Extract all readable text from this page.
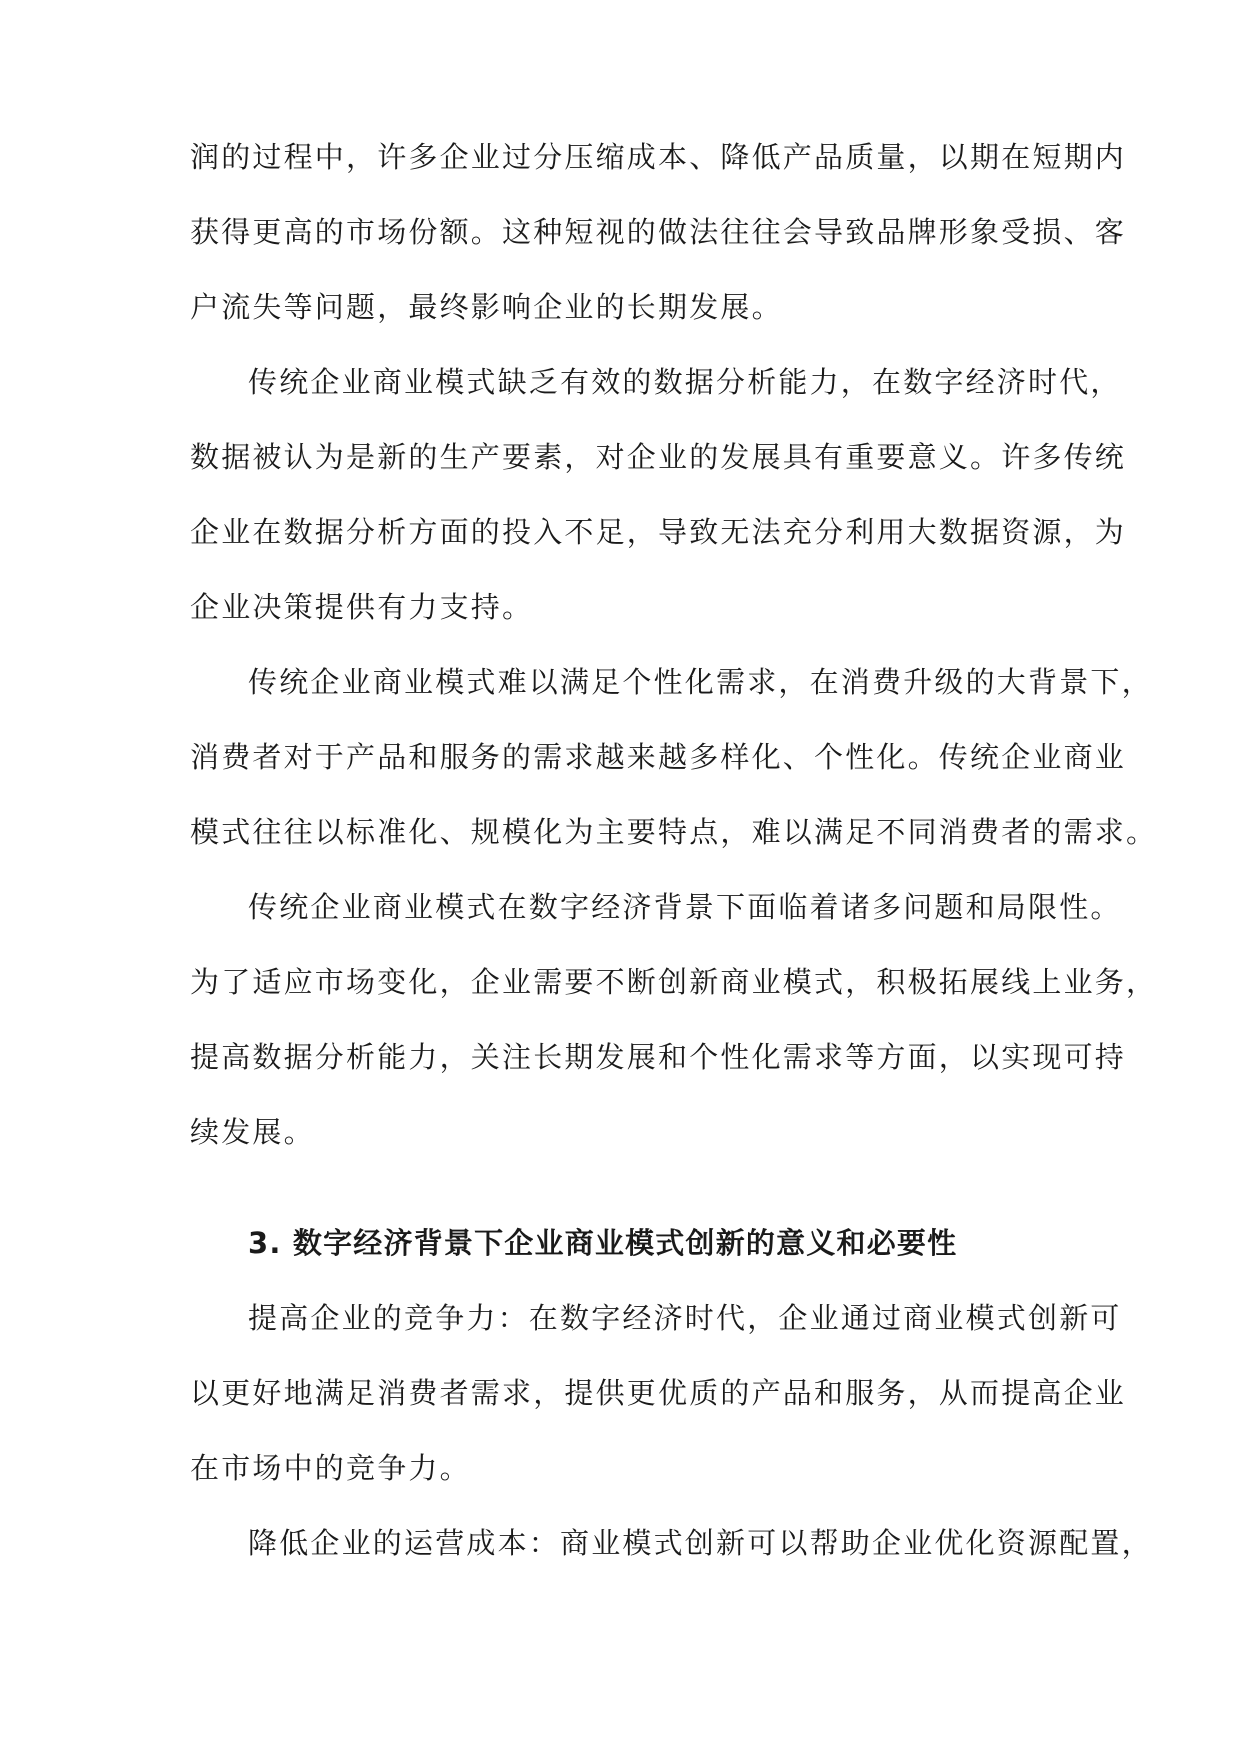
润的过程中，许多企业过分压缩成本、降低产品质量，以期在短期内
获得更高的市场份额。这种短视的做法往往会导致品牌形象受损、客
户流失等问题，最终影响企业的长期发展。
传统企业商业模式缺乏有效的数据分析能力，在数字经济时代，
数据被认为是新的生产要素，对企业的发展具有重要意义。许多传统
企业在数据分析方面的投入不足，导致无法充分利用大数据资源，为
企业决策提供有力支持。
传统企业商业模式难以满足个性化需求，在消费升级的大背景下，
消费者对于产品和服务的需求越来越多样化、个性化。传统企业商业
模式往往以标准化、规模化为主要特点，难以满足不同消费者的需求。
传统企业商业模式在数字经济背景下面临着诸多问题和局限性。
为了适应市场变化，企业需要不断创新商业模式，积极拓展线上业务，
提高数据分析能力，关注长期发展和个性化需求等方面，以实现可持
续发展。
3. 数字经济背景下企业商业模式创新的意义和必要性
提高企业的竞争力：在数字经济时代，企业通过商业模式创新可
以更好地满足消费者需求，提供更优质的产品和服务，从而提高企业
在市场中的竞争力。
降低企业的运营成本：商业模式创新可以帮助企业优化资源配置，
